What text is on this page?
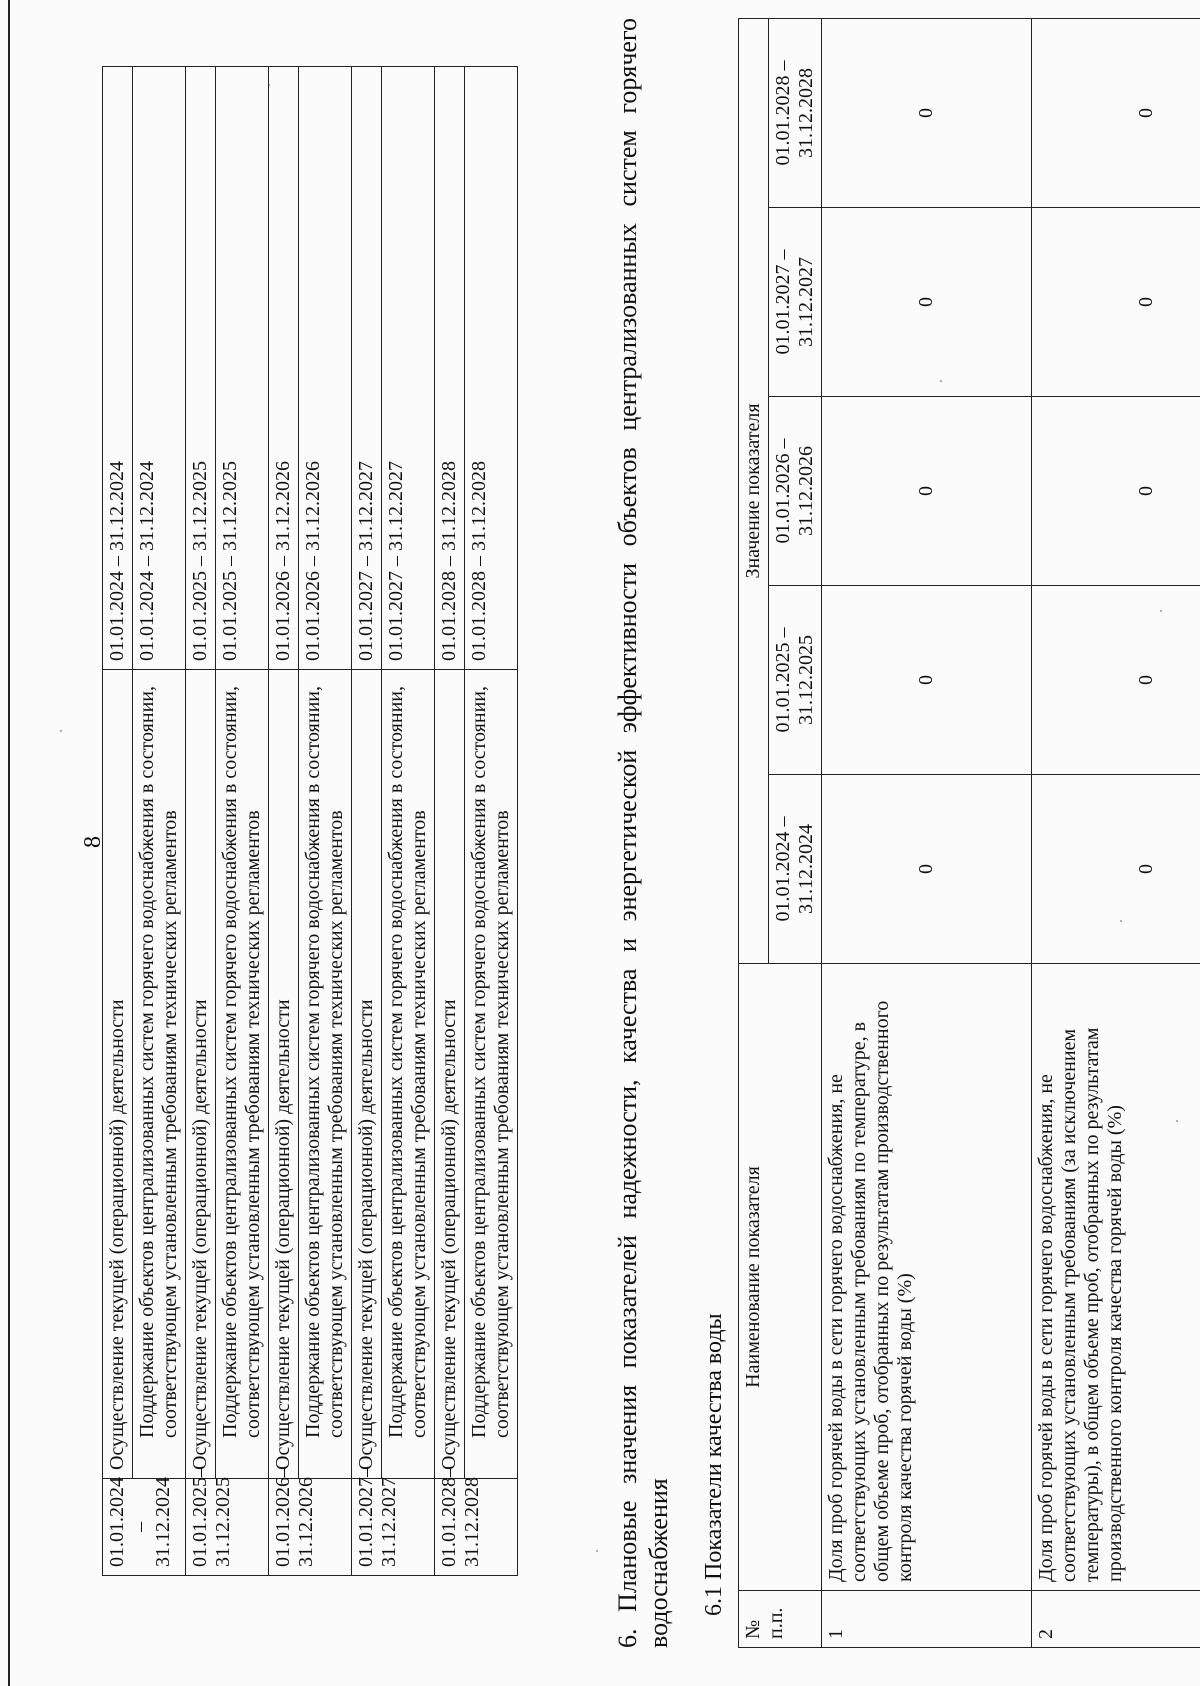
8
01.01.2024 – 31.12.2024	Осуществление текущей (операционной) деятельности	01.01.2024 – 31.12.2024
	Поддержание объектов централизованных систем горячего водоснабжения в состоянии, соответствующем установленным требованиям технических регламентов	01.01.2024 – 31.12.2024
01.01.2025– 31.12.2025	Осуществление текущей (операционной) деятельности	01.01.2025 – 31.12.2025
	Поддержание объектов централизованных систем горячего водоснабжения в состоянии, соответствующем установленным требованиям технических регламентов	01.01.2025 – 31.12.2025
01.01.2026– 31.12.2026	Осуществление текущей (операционной) деятельности	01.01.2026 – 31.12.2026
	Поддержание объектов централизованных систем горячего водоснабжения в состоянии, соответствующем установленным требованиям технических регламентов	01.01.2026 – 31.12.2026
01.01.2027– 31.12.2027	Осуществление текущей (операционной) деятельности	01.01.2027 – 31.12.2027
	Поддержание объектов централизованных систем горячего водоснабжения в состоянии, соответствующем установленным требованиям технических регламентов	01.01.2027 – 31.12.2027
01.01.2028– 31.12.2028	Осуществление текущей (операционной) деятельности	01.01.2028 – 31.12.2028
	Поддержание объектов централизованных систем горячего водоснабжения в состоянии, соответствующем установленным требованиям технических регламентов	01.01.2028 – 31.12.2028	6. Плановые значения показателей надежности, качества и энергетической эффективности объектов централизованных систем горячего водоснабжения 6.1 Показатели качества воды
№ п.п.	Наименование показателя	Значение показателя				
		01.01.2024 – 31.12.2024	01.01.2025 – 31.12.2025	01.01.2026 – 31.12.2026	01.01.2027 – 31.12.2027	01.01.2028 – 31.12.2028
1	Доля проб горячей воды в сети горячего водоснабжения, не соответствующих установленным требованиям по температуре, в общем объеме проб, отобранных по результатам производственного контроля качества горячей воды (%)	0	0	0	0	0
2	Доля проб горячей воды в сети горячего водоснабжения, не соответствующих установленным требованиям (за исключением температуры), в общем объеме проб, отобранных по результатам производственного контроля качества горячей воды (%)	0	0	0	0	0
